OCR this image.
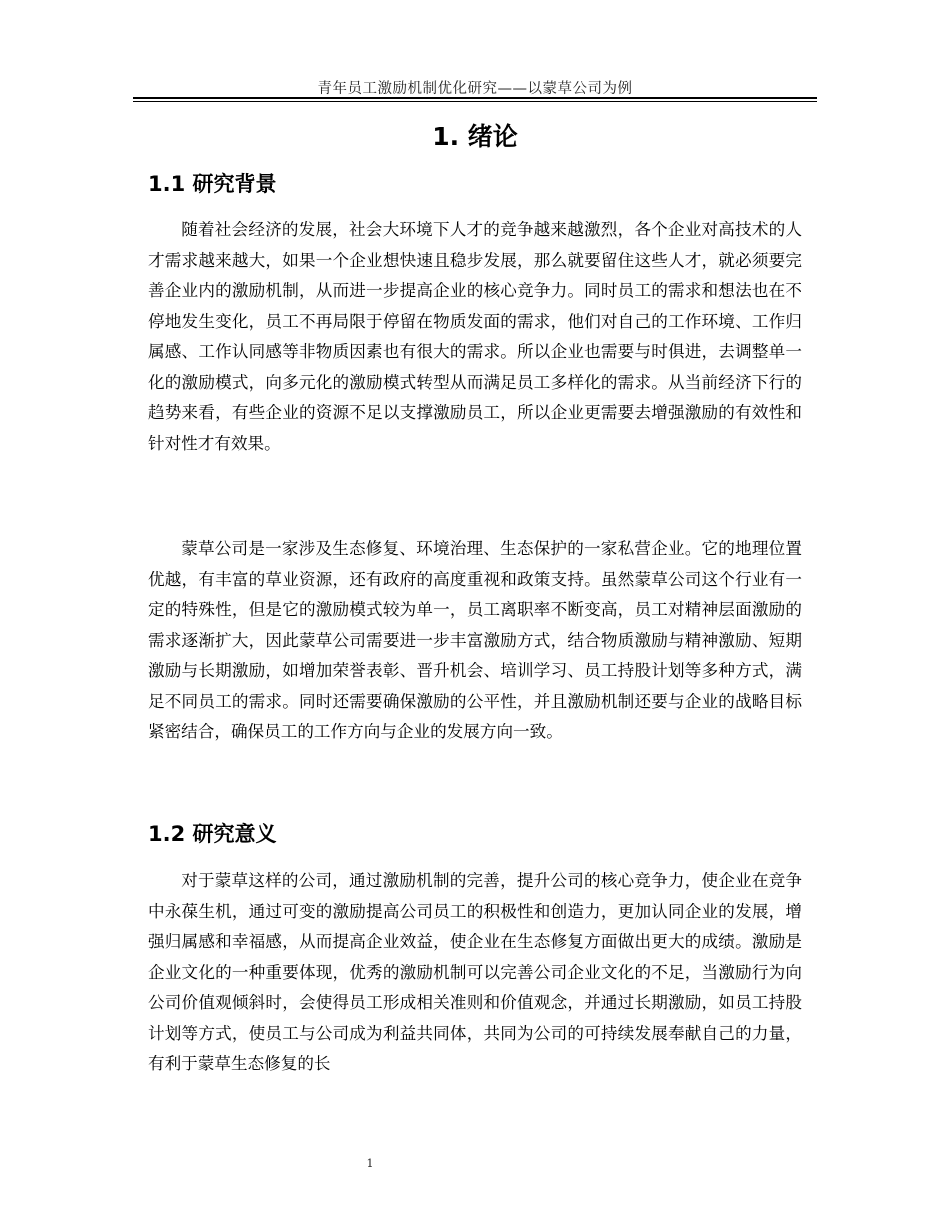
青年员工激励机制优化研究——以蒙草公司为例
1. 绪论
1.1 研究背景

随着社会经济的发展，社会大环境下人才的竞争越来越激烈，各个企业对高技术的人才需求越来越大，如果一个企业想快速且稳步发展，那么就要留住这些人才，就必须要完善企业内的激励机制，从而进一步提高企业的核心竞争力。同时员工的需求和想法也在不停地发生变化，员工不再局限于停留在物质发面的需求，他们对自己的工作环境、工作归属感、工作认同感等非物质因素也有很大的需求。所以企业也需要与时俱进，去调整单一化的激励模式，向多元化的激励模式转型从而满足员工多样化的需求。从当前经济下行的趋势来看，有些企业的资源不足以支撑激励员工，所以企业更需要去增强激励的有效性和针对性才有效果。

蒙草公司是一家涉及生态修复、环境治理、生态保护的一家私营企业。它的地理位置优越，有丰富的草业资源，还有政府的高度重视和政策支持。虽然蒙草公司这个行业有一定的特殊性，但是它的激励模式较为单一，员工离职率不断变高，员工对精神层面激励的需求逐渐扩大，因此蒙草公司需要进一步丰富激励方式，结合物质激励与精神激励、短期激励与长期激励，如增加荣誉表彰、晋升机会、培训学习、员工持股计划等多种方式，满足不同员工的需求。同时还需要确保激励的公平性，并且激励机制还要与企业的战略目标紧密结合，确保员工的工作方向与企业的发展方向一致。

1.2 研究意义

对于蒙草这样的公司，通过激励机制的完善，提升公司的核心竞争力，使企业在竞争中永葆生机，通过可变的激励提高公司员工的积极性和创造力，更加认同企业的发展，增强归属感和幸福感，从而提高企业效益，使企业在生态修复方面做出更大的成绩。激励是企业文化的一种重要体现，优秀的激励机制可以完善公司企业文化的不足，当激励行为向公司价值观倾斜时，会使得员工形成相关准则和价值观念，并通过长期激励，如员工持股计划等方式，使员工与公司成为利益共同体，共同为公司的可持续发展奉献自己的力量，有利于蒙草生态修复的长

1
